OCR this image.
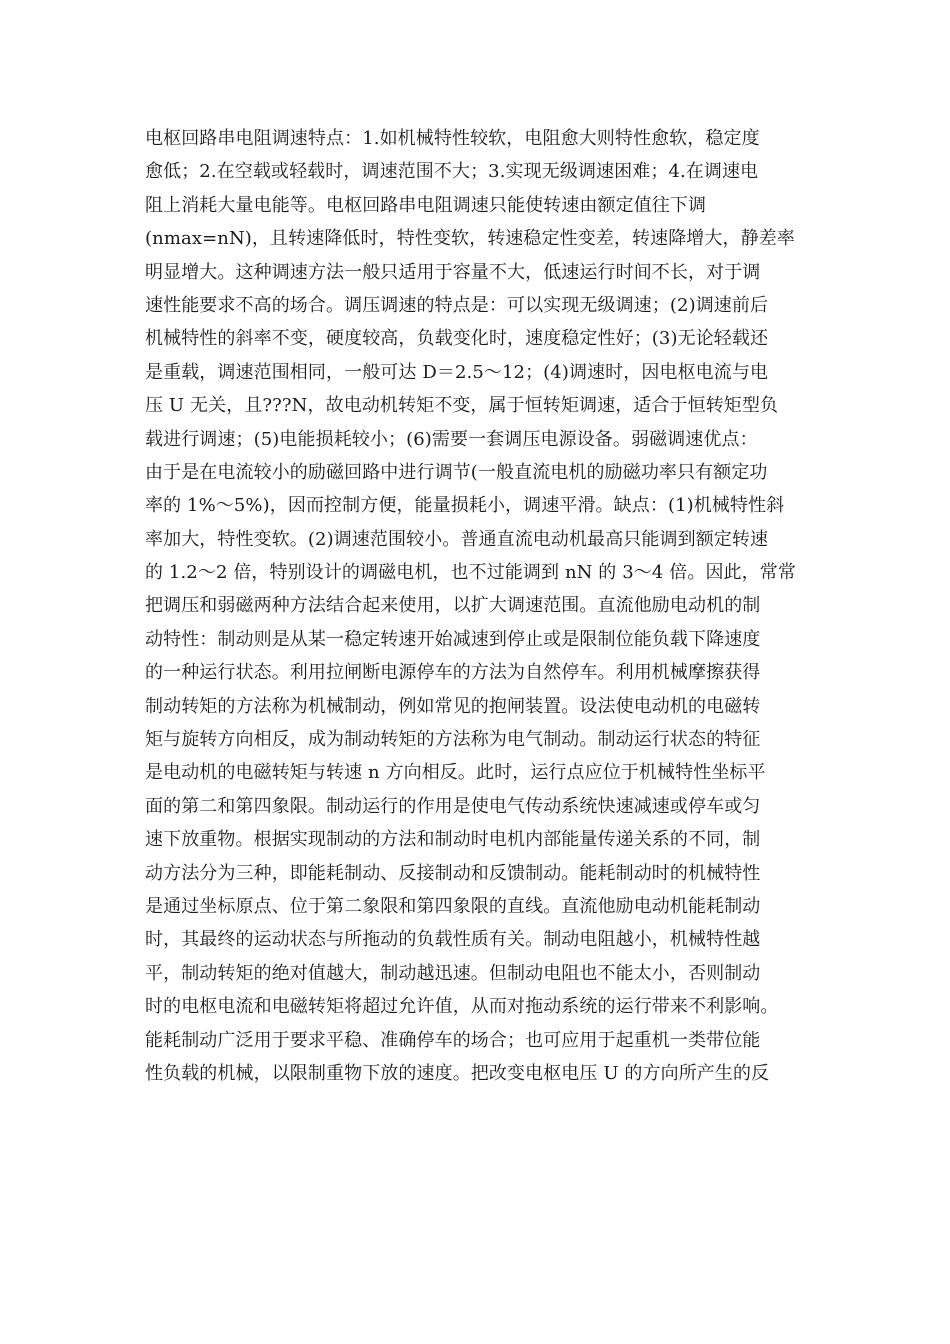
电枢回路串电阻调速特点：1.如机械特性较软，电阻愈大则特性愈软，稳定度
愈低；2.在空载或轻载时，调速范围不大；3.实现无级调速困难；4.在调速电
阻上消耗大量电能等。电枢回路串电阻调速只能使转速由额定值往下调
(nmax=nN)，且转速降低时，特性变软，转速稳定性变差，转速降增大，静差率
明显增大。这种调速方法一般只适用于容量不大，低速运行时间不长，对于调
速性能要求不高的场合。调压调速的特点是：可以实现无级调速；(2)调速前后
机械特性的斜率不变，硬度较高，负载变化时，速度稳定性好；(3)无论轻载还
是重载，调速范围相同，一般可达 D＝2.5～12；(4)调速时，因电枢电流与电
压 U 无关，且???N，故电动机转矩不变，属于恒转矩调速，适合于恒转矩型负
载进行调速；(5)电能损耗较小；(6)需要一套调压电源设备。弱磁调速优点：
由于是在电流较小的励磁回路中进行调节(一般直流电机的励磁功率只有额定功
率的 1%～5%)，因而控制方便，能量损耗小，调速平滑。缺点：(1)机械特性斜
率加大，特性变软。(2)调速范围较小。普通直流电动机最高只能调到额定转速
的 1.2～2 倍，特别设计的调磁电机，也不过能调到 nN 的 3～4 倍。因此，常常
把调压和弱磁两种方法结合起来使用，以扩大调速范围。直流他励电动机的制
动特性：制动则是从某一稳定转速开始减速到停止或是限制位能负载下降速度
的一种运行状态。利用拉闸断电源停车的方法为自然停车。利用机械摩擦获得
制动转矩的方法称为机械制动，例如常见的抱闸装置。设法使电动机的电磁转
矩与旋转方向相反，成为制动转矩的方法称为电气制动。制动运行状态的特征
是电动机的电磁转矩与转速 n 方向相反。此时，运行点应位于机械特性坐标平
面的第二和第四象限。制动运行的作用是使电气传动系统快速减速或停车或匀
速下放重物。根据实现制动的方法和制动时电机内部能量传递关系的不同，制
动方法分为三种，即能耗制动、反接制动和反馈制动。能耗制动时的机械特性
是通过坐标原点、位于第二象限和第四象限的直线。直流他励电动机能耗制动
时，其最终的运动状态与所拖动的负载性质有关。制动电阻越小，机械特性越
平，制动转矩的绝对值越大，制动越迅速。但制动电阻也不能太小，否则制动
时的电枢电流和电磁转矩将超过允许值，从而对拖动系统的运行带来不利影响。
能耗制动广泛用于要求平稳、准确停车的场合；也可应用于起重机一类带位能
性负载的机械，以限制重物下放的速度。把改变电枢电压 U 的方向所产生的反
